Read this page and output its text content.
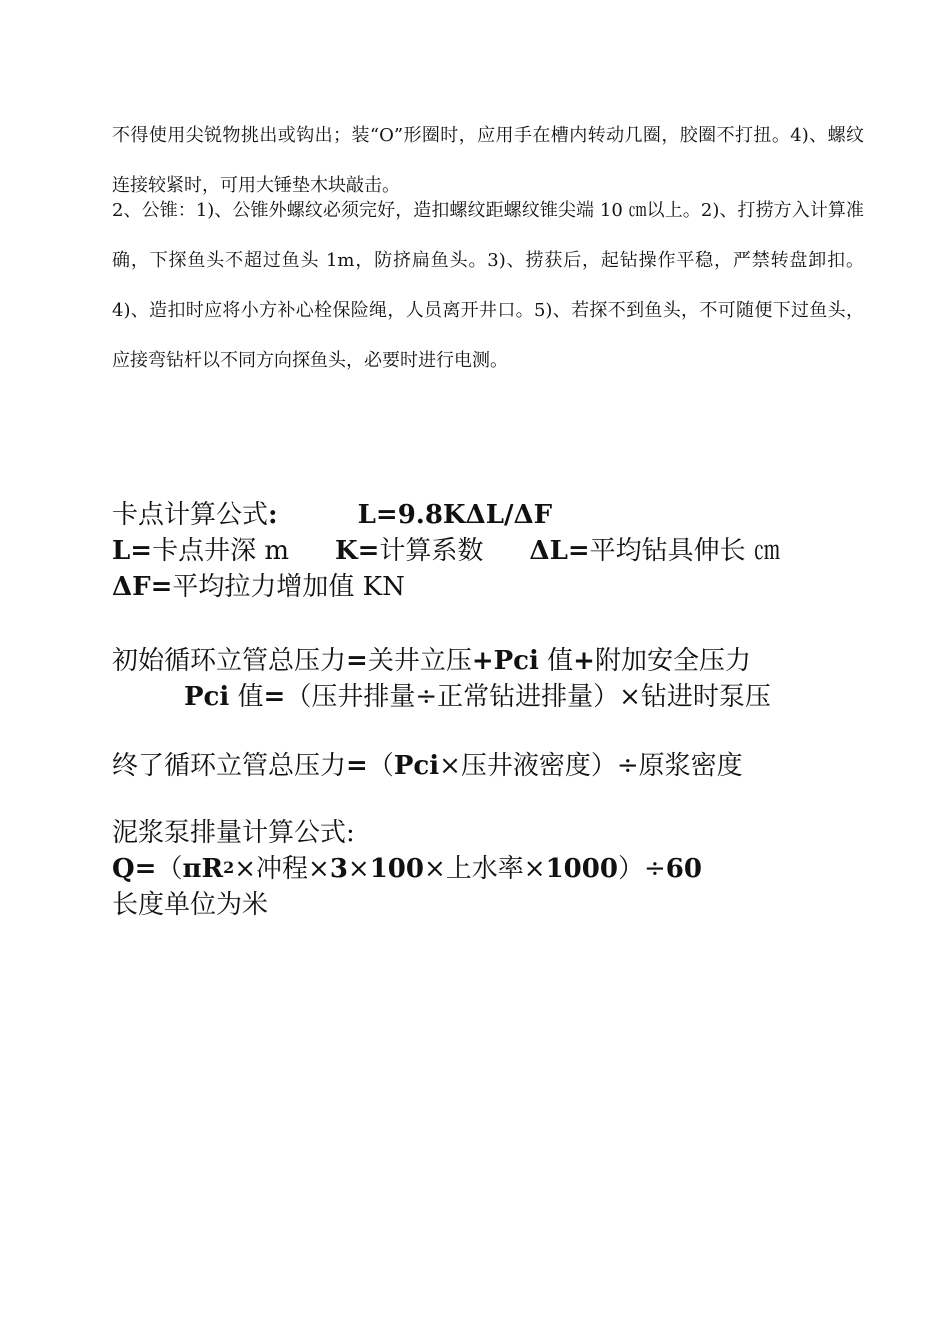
不得使用尖锐物挑出或钩出；装“O”形圈时，应用手在槽内转动几圈，胶圈不打扭。4)、螺纹连接较紧时，可用大锤垫木块敲击。
2、公锥：1)、公锥外螺纹必须完好，造扣螺纹距螺纹锥尖端 10 ㎝以上。2)、打捞方入计算准确，下探鱼头不超过鱼头 1m，防挤扁鱼头。3)、捞获后，起钻操作平稳，严禁转盘卸扣。4)、造扣时应将小方补心栓保险绳，人员离开井口。5)、若探不到鱼头，不可随便下过鱼头，应接弯钻杆以不同方向探鱼头，必要时进行电测。
卡点计算公式:	L=9.8KΔL/ΔF
L=卡点井深 m K=计算系数 ΔL=平均钻具伸长 ㎝
ΔF=平均拉力增加值 KN
初始循环立管总压力=关井立压+Pci 值+附加安全压力
Pci 值=（压井排量÷正常钻进排量）×钻进时泵压
终了循环立管总压力=（Pci×压井液密度）÷原浆密度
泥浆泵排量计算公式:
$Q=(\pi R^2\times$冲程×3×100×上水率×1000）÷60
长度单位为米
